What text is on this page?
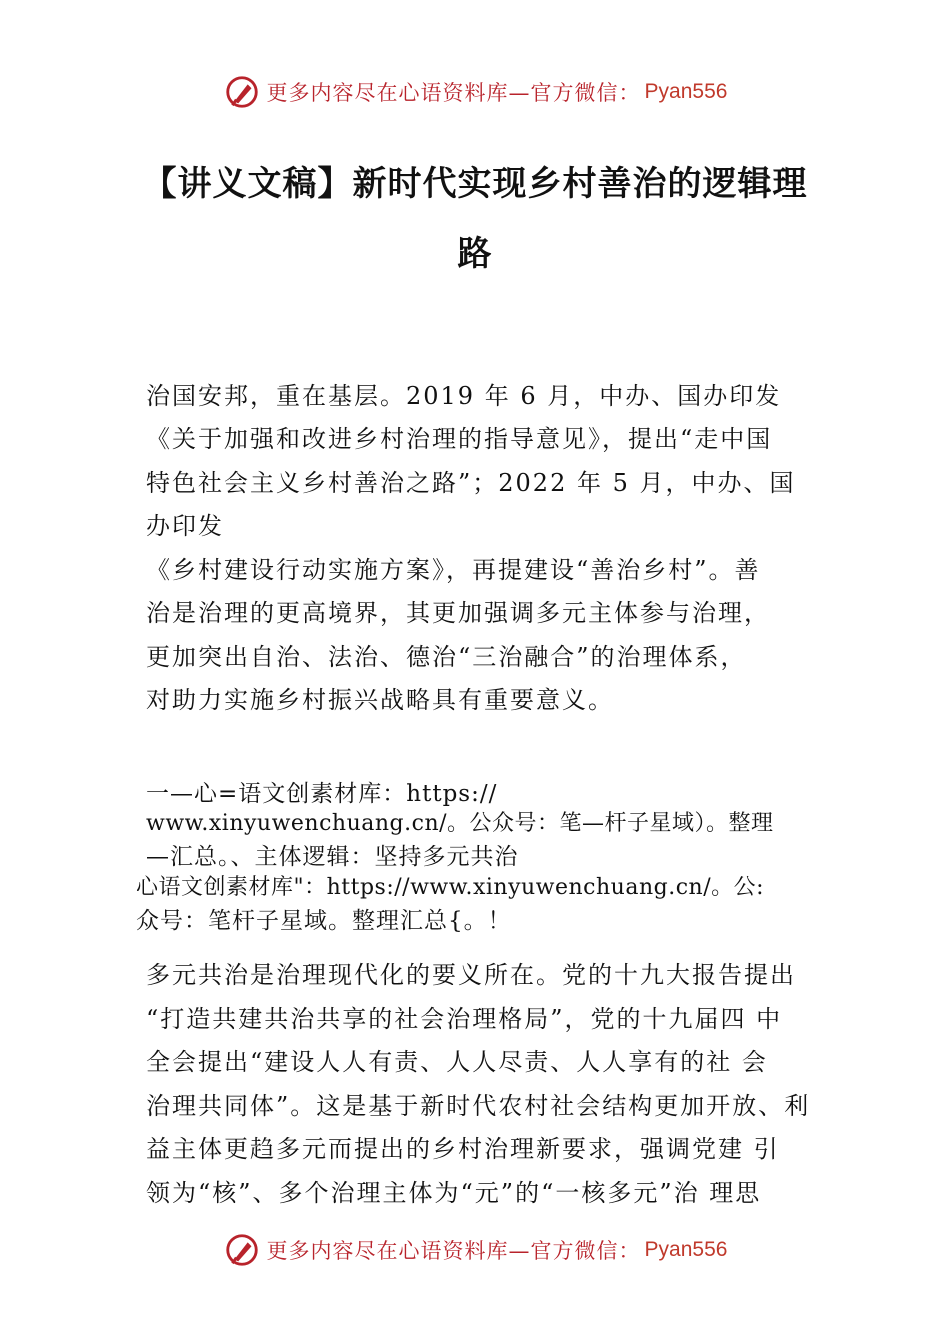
更多内容尽在心语资料库—官方微信： Pyan556
【讲义文稿】新时代实现乡村善治的逻辑理
路
治国安邦，重在基层。2019 年 6 月，中办、国办印发
《关于加强和改进乡村治理的指导意见》，提出“走中国
特色社会主义乡村善治之路”；2022 年 5 月，中办、国
办印发
《乡村建设行动实施方案》，再提建设“善治乡村”。善
治是治理的更高境界，其更加强调多元主体参与治理，
更加突出自治、法治、德治“三治融合”的治理体系，
对助力实施乡村振兴战略具有重要意义。
一—心=语文创素材库：https://
www.xinyuwenchuang.cn/。公众号：笔—杆子星域）。整理
—汇总。、主体逻辑：坚持多元共治
心语文创素材库"：https://www.xinyuwenchuang.cn/。公:
众号：笔杆子星域。整理汇总{。！
多元共治是治理现代化的要义所在。党的十九大报告提出
“打造共建共治共享的社会治理格局”，党的十九届四 中
全会提出“建设人人有责、人人尽责、人人享有的社 会
治理共同体”。这是基于新时代农村社会结构更加开放、利
益主体更趋多元而提出的乡村治理新要求，强调党建 引
领为“核”、多个治理主体为“元”的“一核多元”治 理思
更多内容尽在心语资料库—官方微信： Pyan556
